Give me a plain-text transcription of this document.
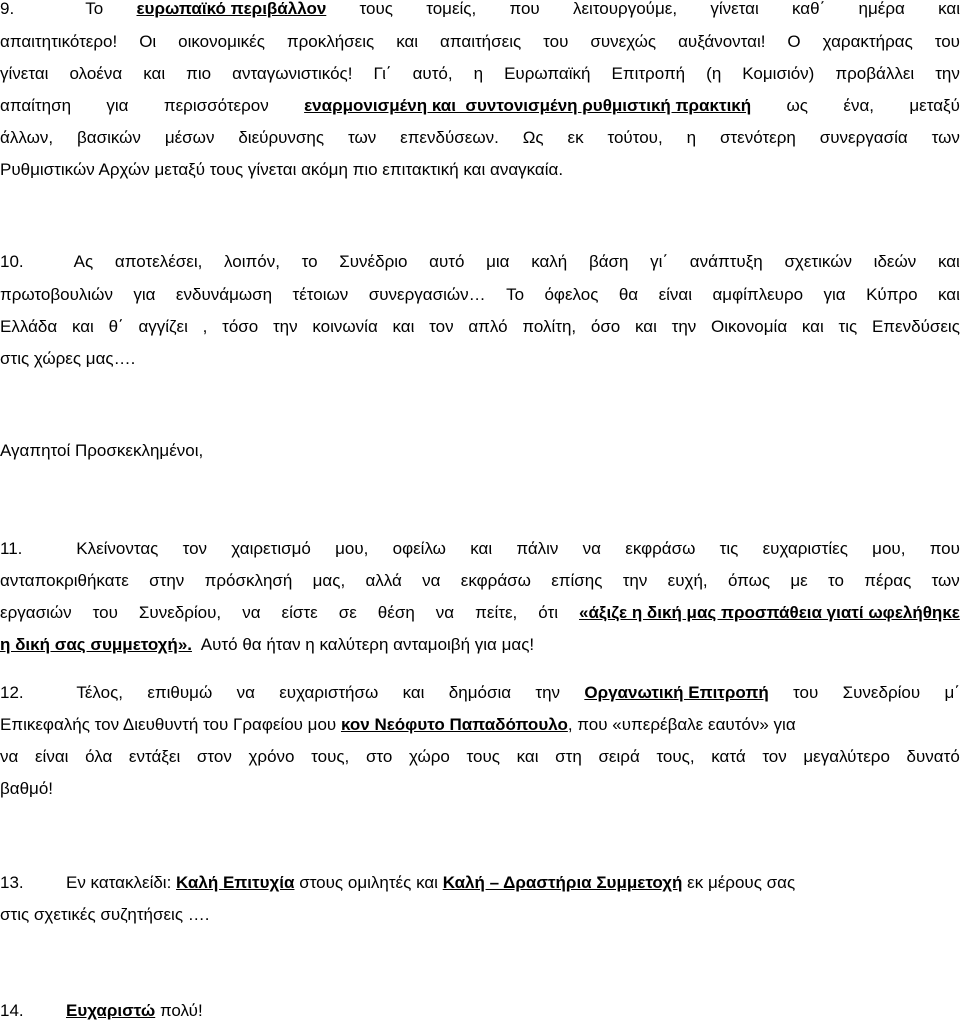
9.	Το ευρωπαϊκό περιβάλλον τους τομείς, που λειτουργούμε, γίνεται καθ΄ ημέρα και
απαιτητικότερο! Οι οικονομικές προκλήσεις και απαιτήσεις του συνεχώς αυξάνονται! Ο χαρακτήρας του
γίνεται ολοένα και πιο ανταγωνιστικός! Γι΄ αυτό, η Ευρωπαϊκή Επιτροπή (η Κομισιόν) προβάλλει την
απαίτηση για περισσότερον εναρμονισμένη και  συντονισμένη ρυθμιστική πρακτική ως ένα, μεταξύ
άλλων, βασικών μέσων διεύρυνσης των επενδύσεων. Ως εκ τούτου, η στενότερη συνεργασία των
Ρυθμιστικών Αρχών μεταξύ τους γίνεται ακόμη πιο επιτακτική και αναγκαία.
10.	Ας αποτελέσει, λοιπόν, το Συνέδριο αυτό μια καλή βάση γι΄ ανάπτυξη σχετικών ιδεών και
πρωτοβουλιών για ενδυνάμωση τέτοιων συνεργασιών… Το όφελος θα είναι αμφίπλευρο για Κύπρο και
Ελλάδα και θ΄ αγγίζει , τόσο την κοινωνία και τον απλό πολίτη, όσο και την Οικονομία και τις Επενδύσεις
στις χώρες μας….
Αγαπητοί Προσκεκλημένοι,
11.	Κλείνοντας τον χαιρετισμό μου, οφείλω και πάλιν να εκφράσω τις ευχαριστίες μου, που
ανταποκριθήκατε στην πρόσκλησή μας, αλλά να εκφράσω επίσης την ευχή, όπως με το πέρας των
εργασιών του Συνεδρίου, να είστε σε θέση να πείτε, ότι «άξιζε η δική μας προσπάθεια γιατί ωφελήθηκε
η δική σας συμμετοχή». Αυτό θα ήταν η καλύτερη ανταμοιβή για μας!
12.	Τέλος, επιθυμώ να ευχαριστήσω και δημόσια την Οργανωτική Επιτροπή του Συνεδρίου μ΄
Επικεφαλής τον Διευθυντή του Γραφείου μου κον Νεόφυτο Παπαδόπουλο, που «υπερέβαλε εαυτόν» για
να είναι όλα εντάξει στον χρόνο τους, στο χώρο τους και στη σειρά τους, κατά τον μεγαλύτερο δυνατό
βαθμό!
13. Εν κατακλείδι: Καλή Επιτυχία στους ομιλητές και Καλή – Δραστήρια Συμμετοχή εκ μέρους σας
στις σχετικές συζητήσεις ….
14. Ευχαριστώ πολύ!
